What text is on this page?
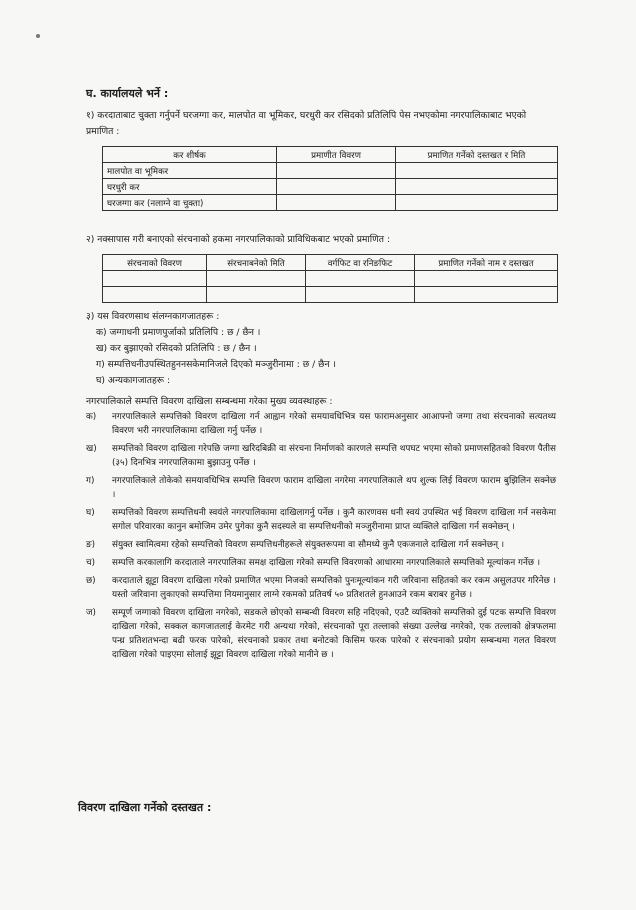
घ. कार्यालयले भर्ने :
१) करदाताबाट चुक्ता गर्नुपर्ने घरजग्गा कर, मालपोत वा भूमिकर, घरधुरी कर रसिदको प्रतिलिपि पेस नभएकोमा नगरपालिकाबाट भएको प्रमाणित :
कर शीर्षक	प्रमाणीत विवरण	प्रमाणित गर्नेको दस्तखत र मिति
मालपोत वा भूमिकर		
घरधुरी कर		
घरजग्गा कर (नलाग्ने वा चुक्ता)		
२) नक्सापास गरी बनाएको संरचनाको हकमा नगरपालिकाको प्राविधिकबाट भएको प्रमाणित :
संरचनाको विवरण	संरचनाबनेको मिति	वर्गफिट वा रनिङफिट	प्रमाणित गर्नेको नाम र दस्तखत

३) यस विवरणसाथ संलग्नकागजातहरू :
क) जग्गाधनी प्रमाणपुर्जाको प्रतिलिपि : छ / छैन ।
ख) कर बुझाएको रसिदको प्रतिलिपि : छ / छैन ।
ग) सम्पत्तिधनीउपस्थितहुननसकेमानिजले दिएको मञ्जुरीनामा : छ / छैन ।
घ) अन्यकागजातहरू :
नगरपालिकाले सम्पत्ति विवरण दाखिला सम्बन्धमा गरेका मुख्य व्यवस्थाहरू :
क)	नगरपालिकाले सम्पत्तिको विवरण दाखिला गर्न आह्वान गरेको समयावधिभित्र यस फारामअनुसार आआफ्नो जग्गा तथा संरचनाको सत्यतथ्य विवरण भरी नगरपालिकामा दाखिला गर्नु पर्नेछ ।
ख)	सम्पत्तिको विवरण दाखिला गरेपछि जग्गा खरिदबिक्री वा संरचना निर्माणको कारणले सम्पत्ति थपघट भएमा सोको प्रमाणसहितको विवरण पैतीस (३५) दिनभित्र नगरपालिकामा बुझाउनु पर्नेछ ।
ग)	नगरपालिकाले तोकेको समयावधिभित्र सम्पत्ति विवरण फाराम दाखिला नगरेमा नगरपालिकाले थप शुल्क लिई विवरण फाराम बुझिलिन सक्नेछ ।
घ)	सम्पत्तिको विवरण सम्पत्तिधनी स्वयंले नगरपालिकामा दाखिलागर्नु पर्नेछ । कुनै कारणवस धनी स्वयं उपस्थित भई विवरण दाखिला गर्न नसकेमा सगोल परिवारका कानुन बमोजिम उमेर पुगेका कुनै सदस्यले वा सम्पत्तिधनीको मञ्जुरीनामा प्राप्त व्यक्तिले दाखिला गर्न सक्नेछन् ।
ङ)	संयुक्त स्वामित्वमा रहेको सम्पत्तिको विवरण सम्पत्तिधनीहरूले संयुक्तरूपमा वा सौमध्ये कुनै एकजनाले दाखिला गर्न सक्नेछन् ।
च)	सम्पत्ति करकालागि करदाताले नगरपालिका समक्ष दाखिला गरेको सम्पत्ति विवरणको आधारमा नगरपालिकाले सम्पत्तिको मूल्यांकन गर्नेछ ।
छ)	करदाताले झूट्टा विवरण दाखिला गरेको प्रमाणित भएमा निजको सम्पत्तिको पुनःमूल्यांकन गरी जरिवाना सहितको कर रकम असुलउपर गरिनेछ । यस्तो जरिवाना लुकाएको सम्पत्तिमा नियमानुसार लाग्ने रकमको प्रतिवर्ष ५० प्रतिशतले हुनआउने रकम बराबर हुनेछ ।
ज)	सम्पूर्ण जग्गाको विवरण दाखिला नगरेको, सडकले छोएको सम्बन्धी विवरण सहि नदिएको, एउटै व्यक्तिको सम्पत्तिको दुई पटक सम्पत्ति विवरण दाखिला गरेको, सक्कल कागजातलाई केरमेट गरी अन्यथा गरेको, संरचनाको पूरा तल्लाको संख्या उल्लेख नगरेको, एक तल्लाको क्षेत्रफलमा पन्ध्र प्रतिशतभन्दा बढी फरक पारेको, संरचनाको प्रकार तथा बनोटको किसिम फरक पारेको र संरचनाको प्रयोग सम्बन्धमा गलत विवरण दाखिला गरेको पाइएमा सोलाई झूट्टा विवरण दाखिला गरेको मानीने छ ।
विवरण दाखिला गर्नेको दस्तखत :
